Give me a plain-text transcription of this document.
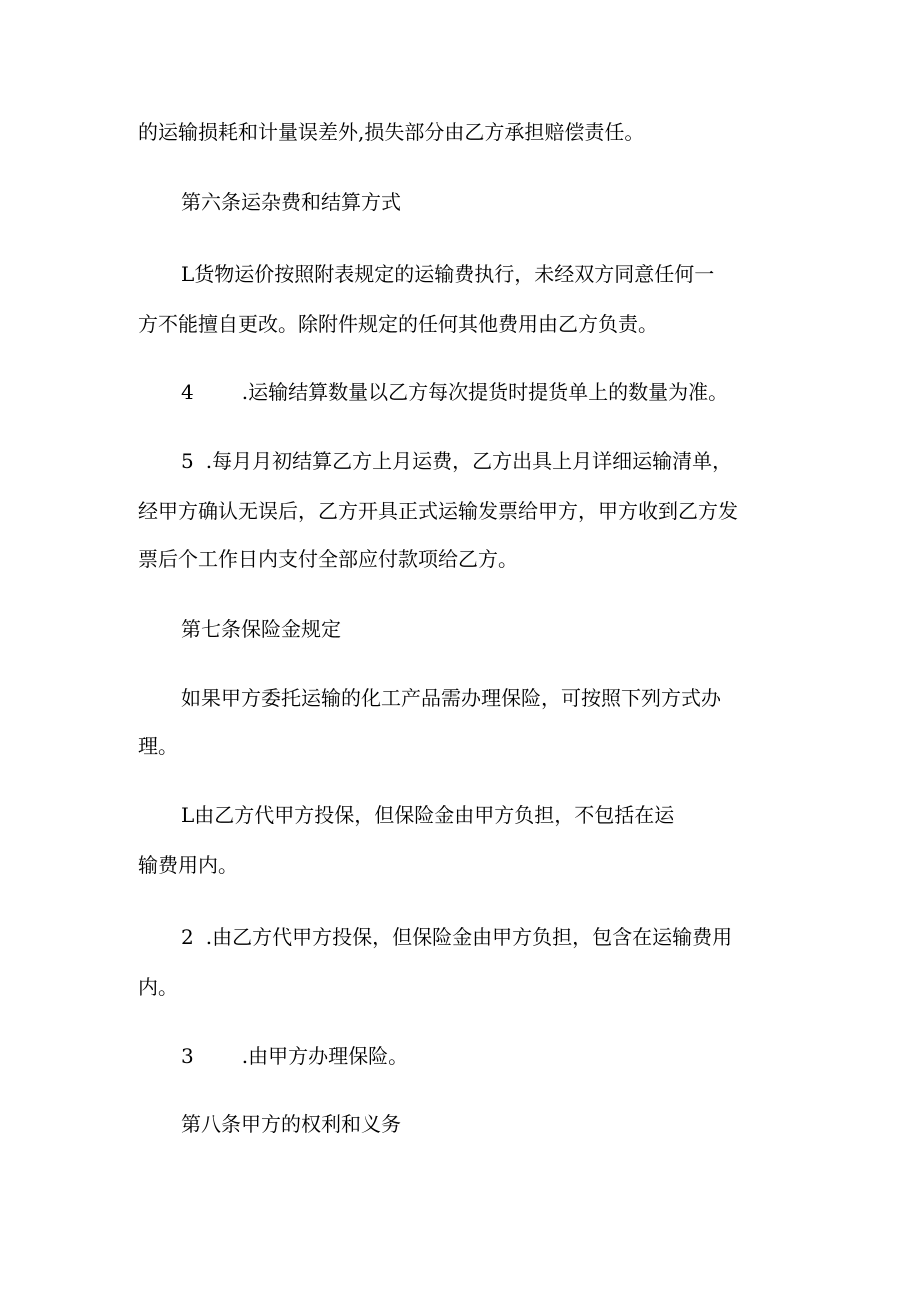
的运输损耗和计量误差外,损失部分由乙方承担赔偿责任。
第六条运杂费和结算方式
L货物运价按照附表规定的运输费执行，未经双方同意任何一
方不能擅自更改。除附件规定的任何其他费用由乙方负责。
4 .运输结算数量以乙方每次提货时提货单上的数量为准。
5 .每月月初结算乙方上月运费，乙方出具上月详细运输清单，
经甲方确认无误后，乙方开具正式运输发票给甲方，甲方收到乙方发
票后个工作日内支付全部应付款项给乙方。
第七条保险金规定
如果甲方委托运输的化工产品需办理保险，可按照下列方式办
理。
L由乙方代甲方投保，但保险金由甲方负担，不包括在运
输费用内。
2 .由乙方代甲方投保，但保险金由甲方负担，包含在运输费用
内。
3 .由甲方办理保险。
第八条甲方的权利和义务
